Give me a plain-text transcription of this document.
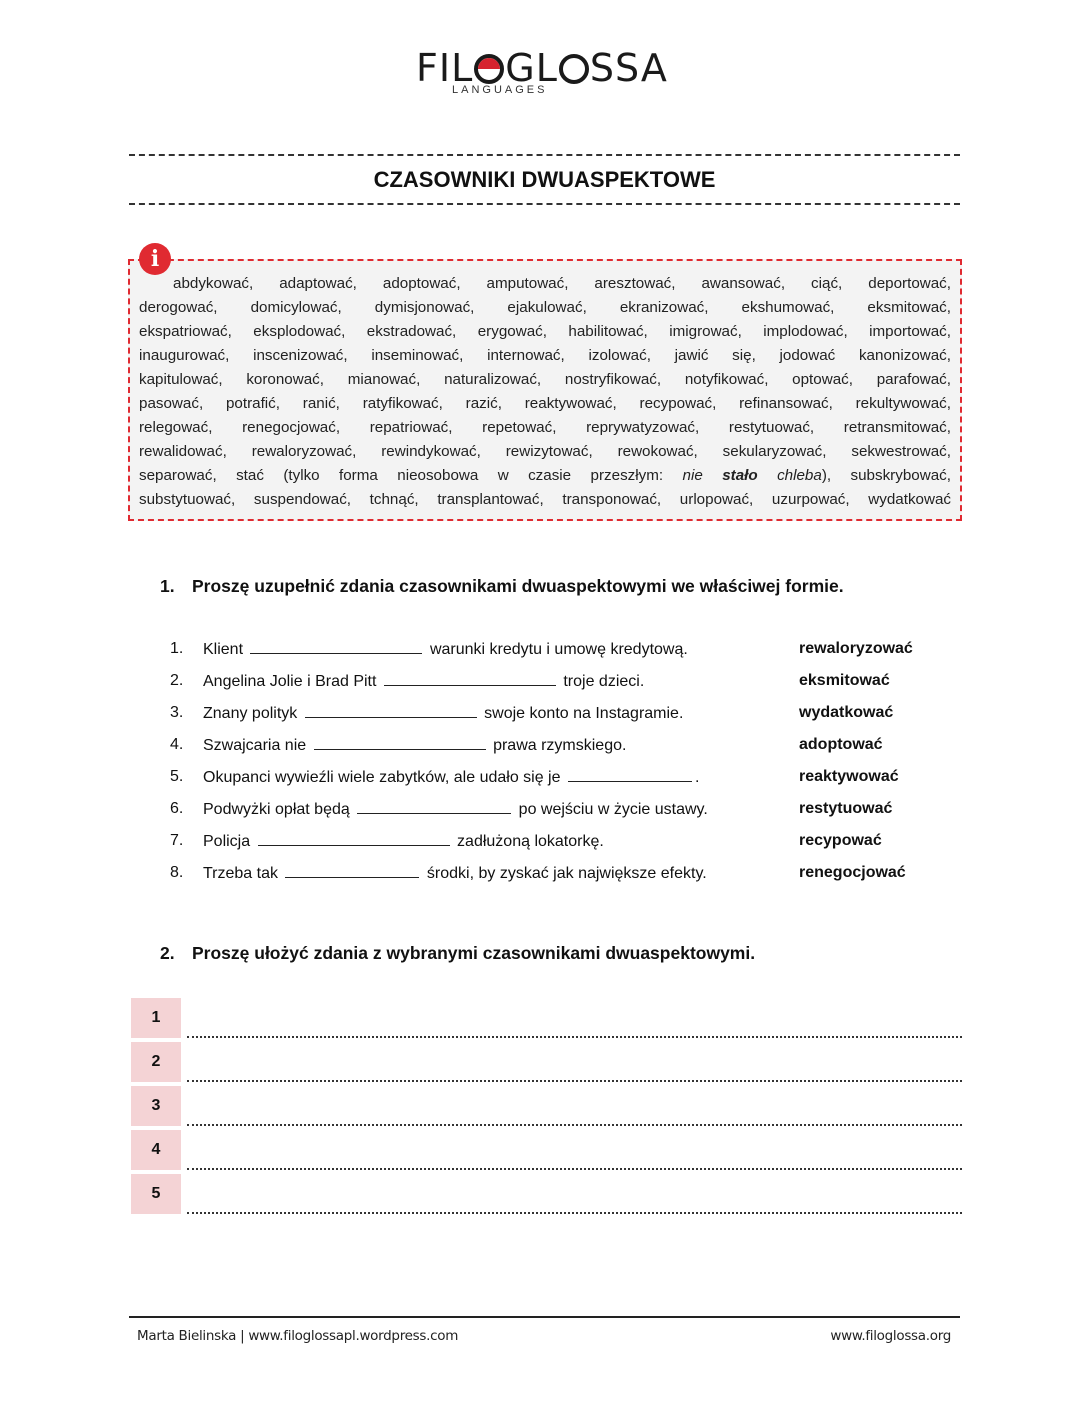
FIL GL SSA
LANGUAGES
CZASOWNIKI DWUASPEKTOWE
i

abdykować, adaptować, adoptować, amputować, aresztować, awansować, ciąć, deportować,

derogować, domicylować, dymisjonować, ejakulować, ekranizować, ekshumować, eksmitować,

ekspatriować, eksplodować, ekstradować, erygować, habilitować, imigrować, implodować, importować,

inaugurować, inscenizować, inseminować, internować, izolować, jawić się, jodować kanonizować,

kapitulować, koronować, mianować, naturalizować, nostryfikować, notyfikować, optować, parafować,

pasować, potrafić, ranić, ratyfikować, razić, reaktywować, recypować, refinansować, rekultywować,

relegować, renegocjować, repatriować, repetować, reprywatyzować, restytuować, retransmitować,

rewalidować, rewaloryzować, rewindykować, rewizytować, rewokować, sekularyzować, sekwestrować,

separować, stać (tylko forma nieosobowa w czasie przeszłym: nie stało chleba), subskrybować,

substytuować, suspendować, tchnąć, transplantować, transponować, urlopować, uzurpować, wydatkować

1. Proszę uzupełnić zdania czasownikami dwuaspektowymi we właściwej formie.
1.	Klient	warunki kredytu i umowę kredytową.	rewaloryzować
2.	Angelina Jolie i Brad Pitt	troje dzieci.	eksmitować
3.	Znany polityk	swoje konto na Instagramie.	wydatkować
4.	Szwajcaria nie	prawa rzymskiego.	adoptować
5.	Okupanci wywieźli wiele zabytków, ale udało się je	.	reaktywować
6.	Podwyżki opłat będą	po wejściu w życie ustawy.	restytuować
7.	Policja	zadłużoną lokatorkę.	recypować
8.	Trzeba tak	środki, by zyskać jak największe efekty.	renegocjować
2. Proszę ułożyć zdania z wybranymi czasownikami dwuaspektowymi.
1
2
3
4
5
Marta Bielinska | www.filoglossapl.wordpress.com	www.filoglossa.org
